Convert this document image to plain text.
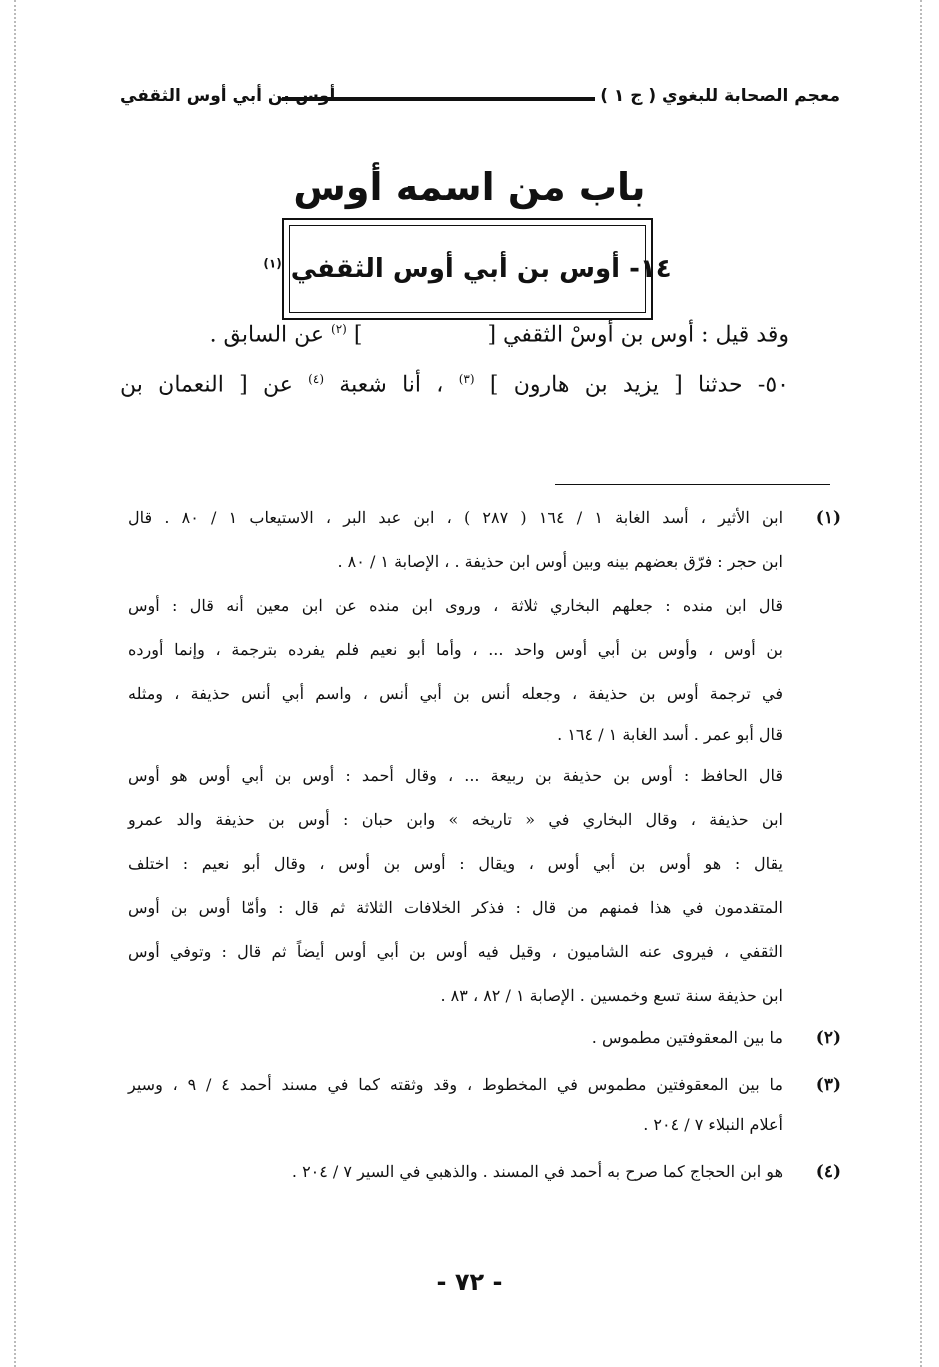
معجم الصحابة للبغوي ( ج ١ )
أوس بن أبي أوس الثقفي
باب من اسمه أوس
١٤- أوس بن أبي أوس الثقفي $^{(١)}$
وقد قيل : أوس بن أوسْ الثقفي [] $^{(٢)}$ عن السابق .
٥٠- حدثنا [ يزيد بن هارون ] $^{(٣)}$ ، أنا شعبة $^{(٤)}$ عن [ النعمان بن
(١)
ابن الأثير ، أسد الغابة ١ / ١٦٤ ( ٢٨٧ ) ، ابن عبد البر ، الاستيعاب ١ / ٨٠ . قال
ابن حجر : فرّق بعضهم بينه وبين أوس ابن حذيفة . ، الإصابة ١ / ٨٠ .
قال ابن منده : جعلهم البخاري ثلاثة ، وروى ابن منده عن ابن معين أنه قال : أوس
بن أوس ، وأوس بن أبي أوس واحد ... ، وأما أبو نعيم فلم يفرده بترجمة ، وإنما أورده
في ترجمة أوس بن حذيفة ، وجعله أنس بن أبي أنس ، واسم أبي أنس حذيفة ، ومثله
قال أبو عمر . أسد الغابة ١ / ١٦٤ .
قال الحافظ : أوس بن حذيفة بن ربيعة ... ، وقال أحمد : أوس بن أبي أوس هو أوس
ابن حذيفة ، وقال البخاري في « تاريخه » وابن حبان : أوس بن حذيفة والد عمرو
يقال : هو أوس بن أبي أوس ، ويقال : أوس بن أوس ، وقال أبو نعيم : اختلف
المتقدمون في هذا فمنهم من قال : فذكر الخلافات الثلاثة ثم قال : وأمّا أوس بن أوس
الثقفي ، فيروى عنه الشاميون ، وقيل فيه أوس بن أبي أوس أيضاً ثم قال : وتوفي أوس
ابن حذيفة سنة تسع وخمسين . الإصابة ١ / ٨٢ ، ٨٣ .
(٢)
ما بين المعقوفتين مطموس .
(٣)
ما بين المعقوفتين مطموس في المخطوط ، وقد وثقته كما في مسند أحمد ٤ / ٩ ، وسير
أعلام النبلاء ٧ / ٢٠٤ .
(٤)
هو ابن الحجاج كما صرح به أحمد في المسند . والذهبي في السير ٧ / ٢٠٤ .
- ٧٢ -
